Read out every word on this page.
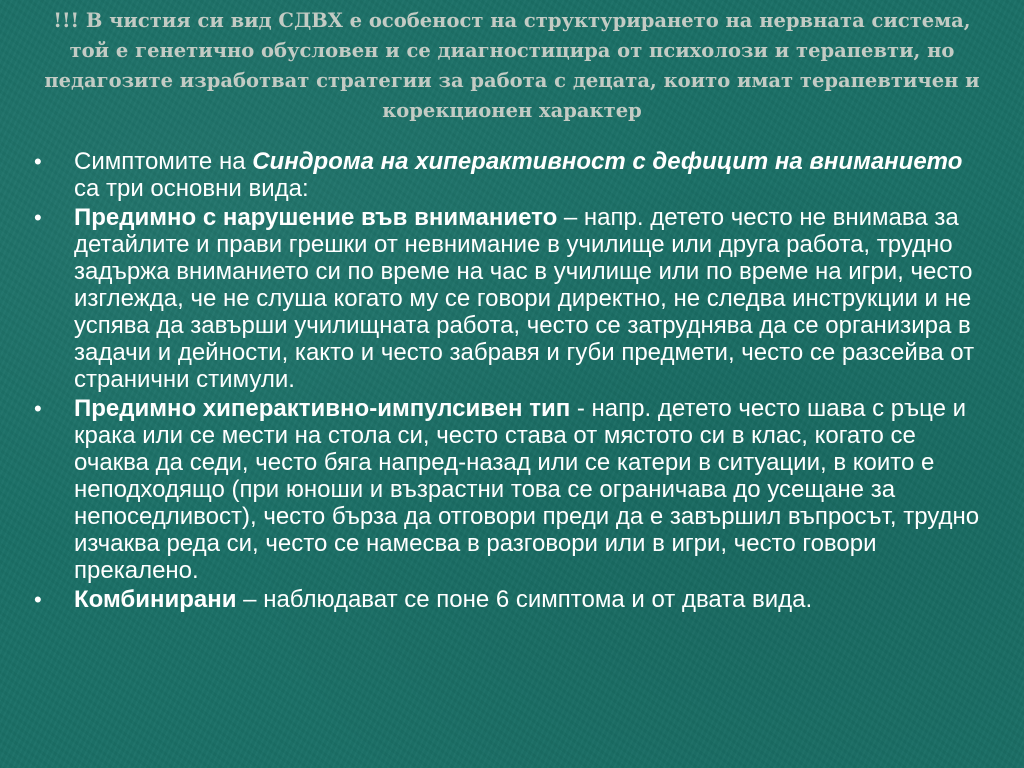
!!! В чистия си вид СДВХ е особеност на структурирането на нервната система, той е генетично обусловен и се диагностицира от психолози и терапевти, но педагозите изработват стратегии за работа с децата, които имат терапевтичен и корекционен характер
• Симптомите на Синдрома на хиперактивност с дефицит на вниманието са три основни вида:
• Предимно с нарушение във вниманието – напр. детето често не внимава за детайлите и прави грешки от невнимание в училище или друга работа, трудно задържа вниманието си по време на час в училище или по време на игри, често изглежда, че не слуша когато му се говори директно, не следва инструкции и не успява да завърши училищната работа, често се затруднява да се организира в задачи и дейности, както и често забравя и губи предмети, често се разсейва от странични стимули.
• Предимно хиперактивно-импулсивен тип - напр. детето често шава с ръце и крака или се мести на стола си, често става от мястото си в клас, когато се очаква да седи, често бяга напред-назад или се катери в ситуации, в които е неподходящо (при юноши и възрастни това се ограничава до усещане за непоседливост), често бърза да отговори преди да е завършил въпросът, трудно изчаква реда си, често се намесва в разговори или в игри, често говори прекалено.
• Комбинирани – наблюдават се поне 6 симптома и от двата вида.
